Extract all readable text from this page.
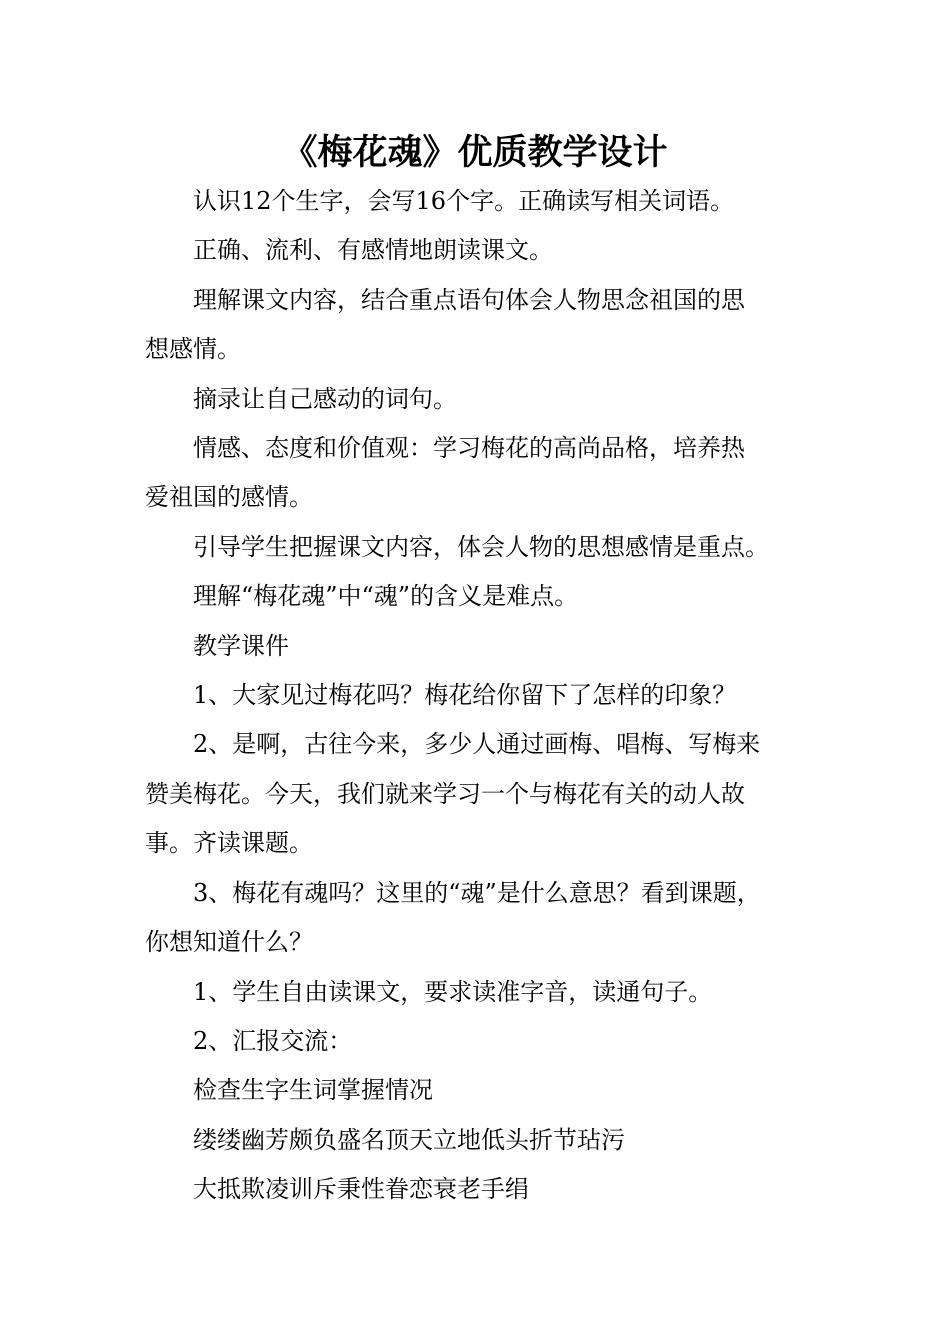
《梅花魂》优质教学设计

认识12个生字，会写16个字。正确读写相关词语。

正确、流利、有感情地朗读课文。

理解课文内容，结合重点语句体会人物思念祖国的思

想感情。

摘录让自己感动的词句。

情感、态度和价值观：学习梅花的高尚品格，培养热

爱祖国的感情。

引导学生把握课文内容，体会人物的思想感情是重点。

理解“梅花魂”中“魂”的含义是难点。

教学课件

1、大家见过梅花吗？梅花给你留下了怎样的印象？

2、是啊，古往今来，多少人通过画梅、唱梅、写梅来

赞美梅花。今天，我们就来学习一个与梅花有关的动人故

事。齐读课题。

3、梅花有魂吗？这里的“魂”是什么意思？看到课题，

你想知道什么？

1、学生自由读课文，要求读准字音，读通句子。

2、汇报交流：

检查生字生词掌握情况

缕缕幽芳颇负盛名顶天立地低头折节玷污

大抵欺凌训斥秉性眷恋衰老手绢
